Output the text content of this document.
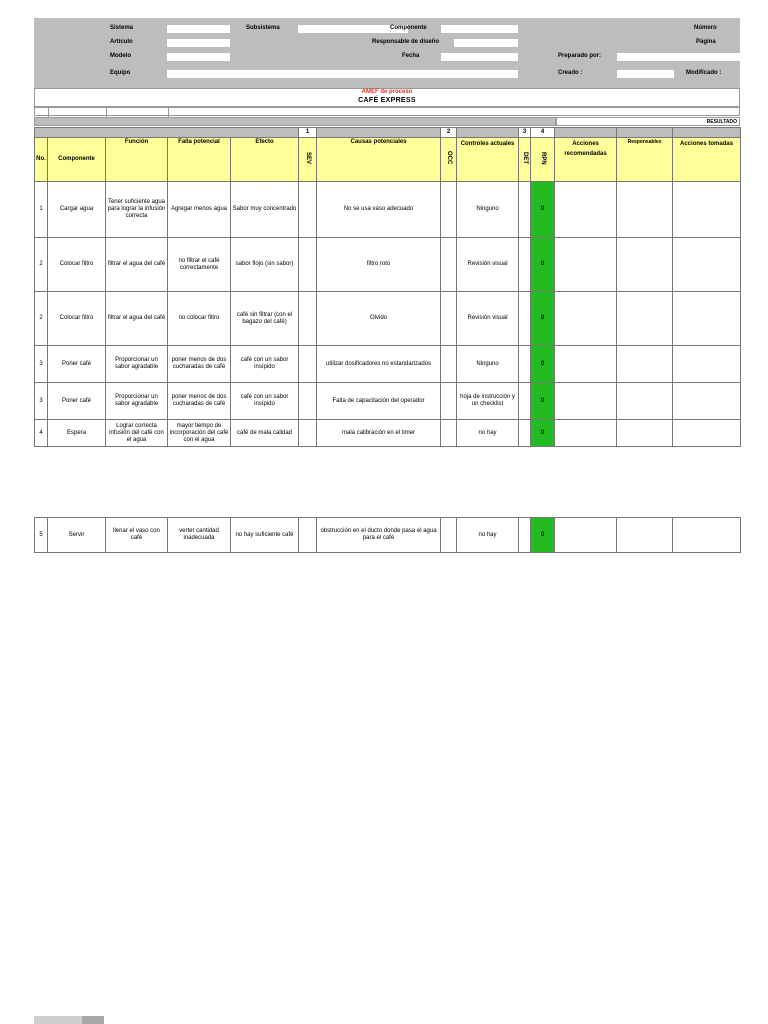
Sistema	Subsistema	Componente	Número
Artículo	Responsable de diseño	Página
Modelo	Fecha	Preparado por:
Equipo	Creado :	Modificado :
AMEF de proceso
CAFÉ EXPRESS
RESULTADO
					1		2		3	4			
No.	Componente	Función	Falla potencial	Efecto	SEV	Causas potenciales	OCC	Controles actuales	DET	RPN	Acciones recomendadas	Responsables	Acciones tomadas
1	Cargar agua	Tener suficiente agua para lograr la infusión correcta	Agregar menos agua	Sabor muy concentrado		No se usa vaso adecuado		Ninguno		0			
2	Colocar filtro	filtrar el agua del café	no filtrar el café correctamente	sabor flojo (sin sabor)		filtro roto		Revisión visual		0			
2	Colocar filtro	filtrar el agua del café	no colocar filtro	café sin filtrar (con el bagazo del café)		Olvido		Revisión visual		0			
3	Poner café	Proporcionar un sabor agradable	poner menos de dos cucharadas de café	café con un sabor insípido		utilizar dosificadores no estandarizados		Ninguno		0			
3	Poner café	Proporcionar un sabor agradable	poner menos de dos cucharadas de café	café con un sabor insípido		Falta de capacitación del operador		hoja de instrucción y un checklist		0			
4	Espera	Lograr correcta infusión del café con el agua	mayor tiempo de incorporación del café con el agua	café de mala calidad		mala calibración en el timer		no hay		0			
5	Servir	llenar el vaso con café	verter cantidad inadecuada	no hay suficiente café		obstrucción en el ducto donde pasa el agua para el café		no hay		0			
